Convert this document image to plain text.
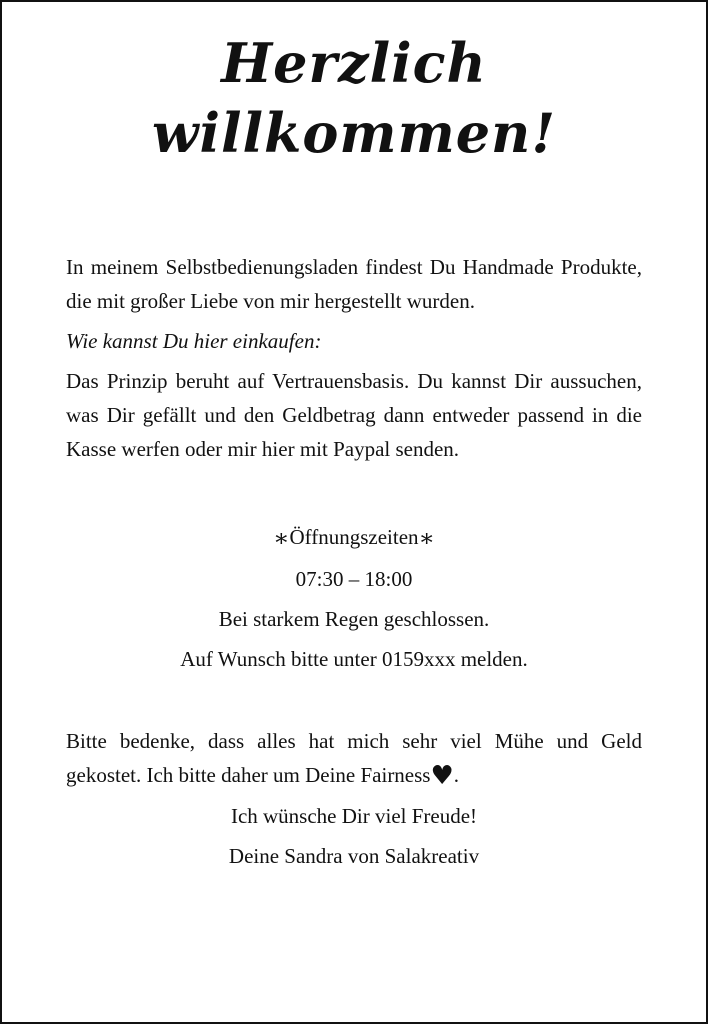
Herzlich
willkommen!

In meinem Selbstbedienungsladen findest Du Handmade Produkte, die mit großer Liebe von mir hergestellt wurden.

Wie kannst Du hier einkaufen:

Das Prinzip beruht auf Vertrauensbasis. Du kannst Dir aussuchen, was Dir gefällt und den Geldbetrag dann entweder passend in die Kasse werfen oder mir hier mit Paypal senden.

∗Öffnungszeiten∗

07:30 – 18:00

Bei starkem Regen geschlossen.

Auf Wunsch bitte unter 0159xxx melden.

Bitte bedenke, dass alles hat mich sehr viel Mühe und Geld gekostet. Ich bitte daher um Deine Fairness♥.

Ich wünsche Dir viel Freude!

Deine Sandra von Salakreativ
